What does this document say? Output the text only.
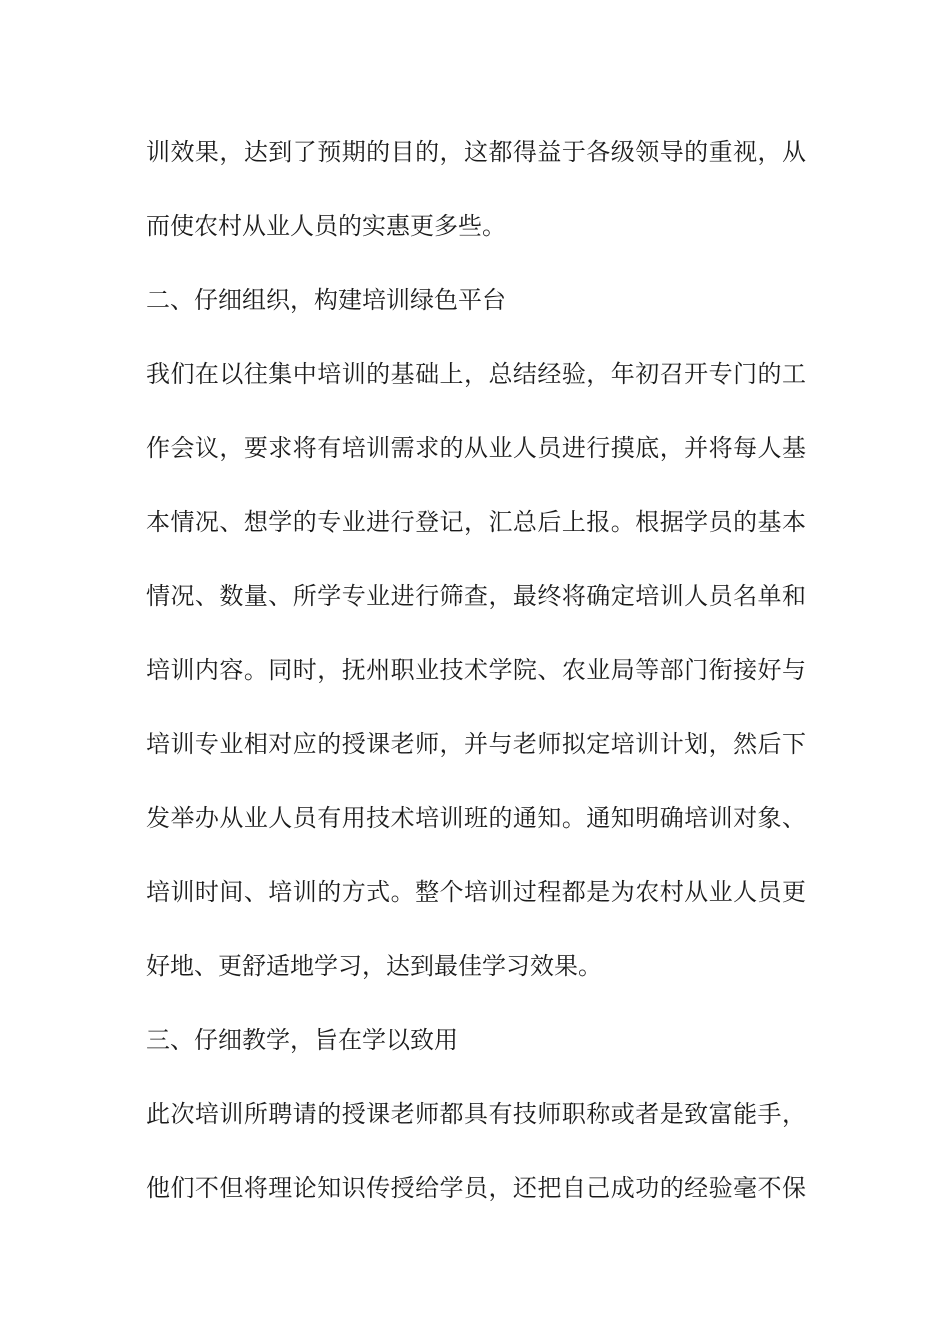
训效果，达到了预期的目的，这都得益于各级领导的重视，从
而使农村从业人员的实惠更多些。
二、仔细组织，构建培训绿色平台
我们在以往集中培训的基础上，总结经验，年初召开专门的工
作会议，要求将有培训需求的从业人员进行摸底，并将每人基
本情况、想学的专业进行登记，汇总后上报。根据学员的基本
情况、数量、所学专业进行筛查，最终将确定培训人员名单和
培训内容。同时，抚州职业技术学院、农业局等部门衔接好与
培训专业相对应的授课老师，并与老师拟定培训计划，然后下
发举办从业人员有用技术培训班的通知。通知明确培训对象、
培训时间、培训的方式。整个培训过程都是为农村从业人员更
好地、更舒适地学习，达到最佳学习效果。
三、仔细教学，旨在学以致用
此次培训所聘请的授课老师都具有技师职称或者是致富能手，
他们不但将理论知识传授给学员，还把自己成功的经验毫不保
